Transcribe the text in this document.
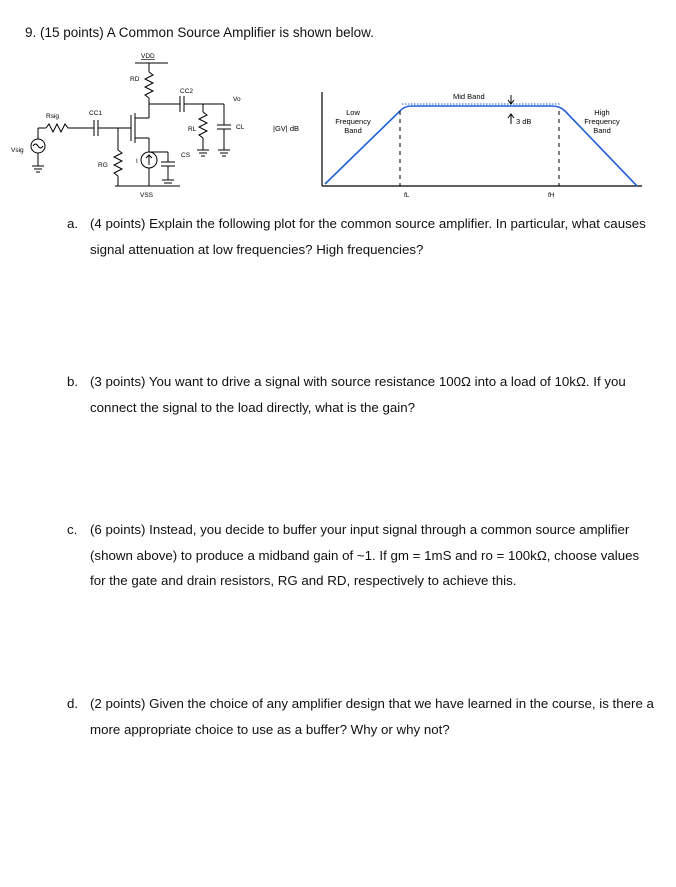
9. (15 points) A Common Source Amplifier is shown below.
VDD
VSS
RD
Rsig	CC1
CC2
Vo
RL	CL
RG
I
CS
Vsig
|GV| dB
Mid Band
3 dB
Low
Frequency
Band
High
Frequency
Band
fL	fH
a. (4 points) Explain the following plot for the common source amplifier. In particular, what causes signal attenuation at low frequencies? High frequencies?
b. (3 points) You want to drive a signal with source resistance 100Ω into a load of 10kΩ. If you connect the signal to the load directly, what is the gain?
c. (6 points) Instead, you decide to buffer your input signal through a common source amplifier (shown above) to produce a midband gain of ~1. If gm = 1mS and ro = 100kΩ, choose values for the gate and drain resistors, RG and RD, respectively to achieve this.
d. (2 points) Given the choice of any amplifier design that we have learned in the course, is there a more appropriate choice to use as a buffer? Why or why not?
